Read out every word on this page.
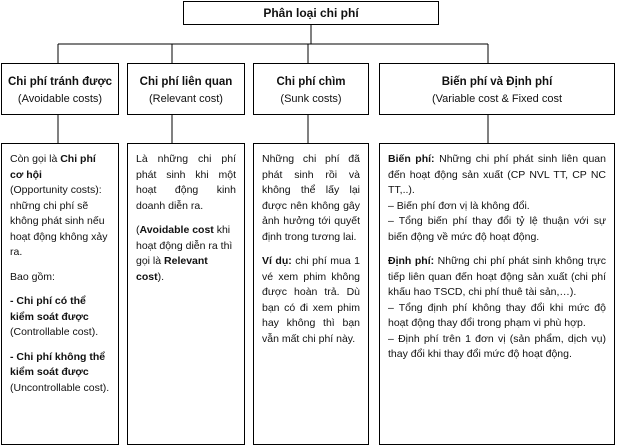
Phân loại chi phí
Chi phí tránh được
(Avoidable costs)
Chi phí liên quan
(Relevant cost)
Chi phí chìm
(Sunk costs)
Biến phí và Định phí
(Variable cost & Fixed cost

Còn gọi là Chi phí cơ hội
(Opportunity costs): những chi phí sẽ không phát sinh nếu hoạt động không xảy ra.

Bao gồm:

- Chi phí có thể kiểm soát được
(Controllable cost).

- Chi phí không thể kiểm soát được
(Uncontrollable cost).

Là những chi phí phát sinh khi một hoạt động kinh doanh diễn ra.

(Avoidable cost khi hoạt động diễn ra thì gọi là Relevant cost).

Những chi phí đã phát sinh rồi và không thể lấy lại được nên không gây ảnh hưởng tới quyết định trong tương lai.

Ví dụ: chi phí mua 1 vé xem phim không được hoàn trả. Dù bạn có đi xem phim hay không thì bạn vẫn mất chi phí này.

Biến phí: Những chi phí phát sinh liên quan đến hoạt động sản xuất (CP NVL TT, CP NC TT,..).
– Biến phí đơn vị là không đổi.
– Tổng biến phí thay đổi tỷ lệ thuận với sự biến động về mức độ hoạt động.

Định phí: Những chi phí phát sinh không trực tiếp liên quan đến hoạt động sản xuất (chi phí khấu hao TSCD, chi phí thuê tài sản,…).
– Tổng định phí không thay đổi khi mức độ hoạt động thay đổi trong phạm vi phù hợp.
– Định phí trên 1 đơn vị (sản phẩm, dịch vụ) thay đổi khi thay đổi mức độ hoạt động.
